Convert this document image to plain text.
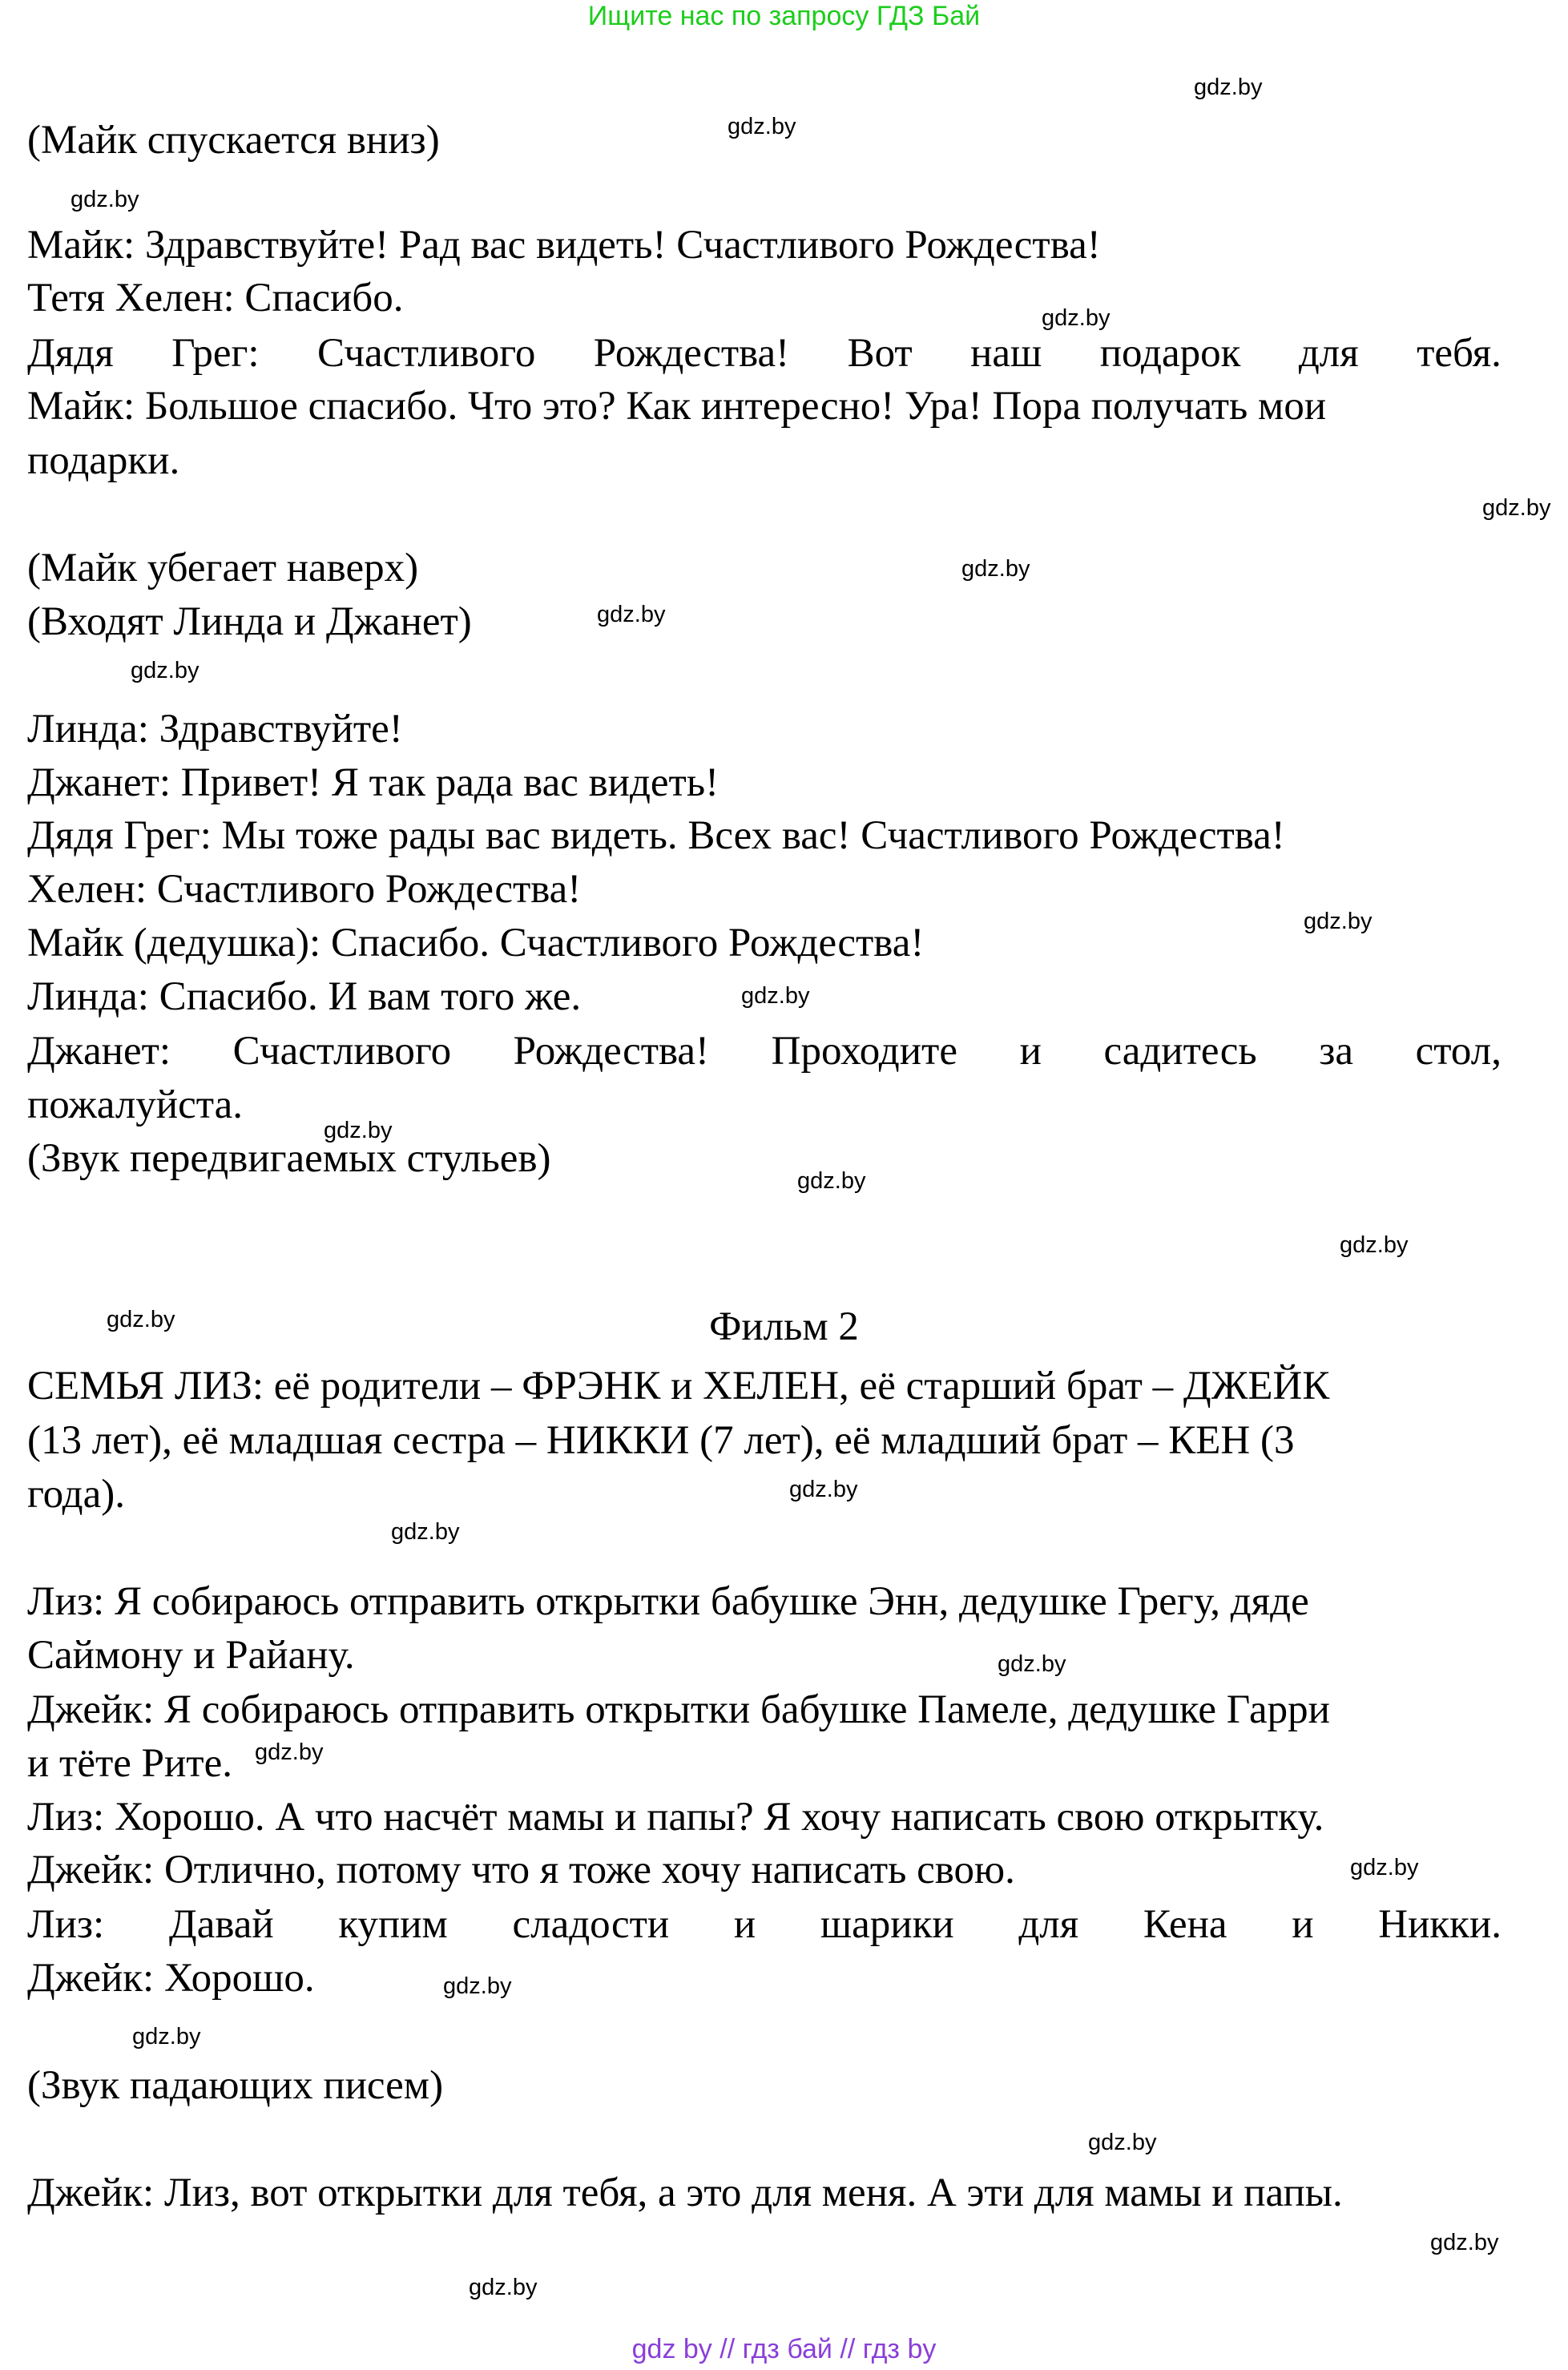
Ищите нас по запросу ГДЗ Бай
gdz.by
gdz.by
gdz.by
gdz.by
gdz.by
gdz.by
gdz.by
gdz.by
gdz.by
gdz.by
gdz.by
gdz.by
gdz.by
gdz.by
gdz.by
gdz.by
gdz.by
gdz.by
gdz.by
gdz.by
gdz.by
gdz.by
gdz.by
gdz.by
(Майк спускается вниз)
Майк: Здравствуйте! Рад вас видеть! Счастливого Рождества!
Тетя Хелен: Спасибо.
Дядя Грег: Счастливого Рождества! Вот наш подарок для тебя.
Майк: Большое спасибо. Что это? Как интересно! Ура! Пора получать мои
подарки.
(Майк убегает наверх)
(Входят Линда и Джанет)
Линда: Здравствуйте!
Джанет: Привет! Я так рада вас видеть!
Дядя Грег: Мы тоже рады вас видеть. Всех вас! Счастливого Рождества!
Хелен: Счастливого Рождества!
Майк (дедушка): Спасибо. Счастливого Рождества!
Линда: Спасибо. И вам того же.
Джанет: Счастливого Рождества! Проходите и садитесь за стол,
пожалуйста.
(Звук передвигаемых стульев)
Фильм 2
СЕМЬЯ ЛИЗ: её родители – ФРЭНК и ХЕЛЕН, её старший брат – ДЖЕЙК
(13 лет), её младшая сестра – НИККИ (7 лет), её младший брат – КЕН (3
года).
Лиз: Я собираюсь отправить открытки бабушке Энн, дедушке Грегу, дяде
Саймону и Райану.
Джейк: Я собираюсь отправить открытки бабушке Памеле, дедушке Гарри
и тёте Рите.
Лиз: Хорошо. А что насчёт мамы и папы? Я хочу написать свою открытку.
Джейк: Отлично, потому что я тоже хочу написать свою.
Лиз: Давай купим сладости и шарики для Кена и Никки.
Джейк: Хорошо.
(Звук падающих писем)
Джейк: Лиз, вот открытки для тебя, а это для меня. А эти для мамы и папы.
gdz by // гдз бай // гдз by
